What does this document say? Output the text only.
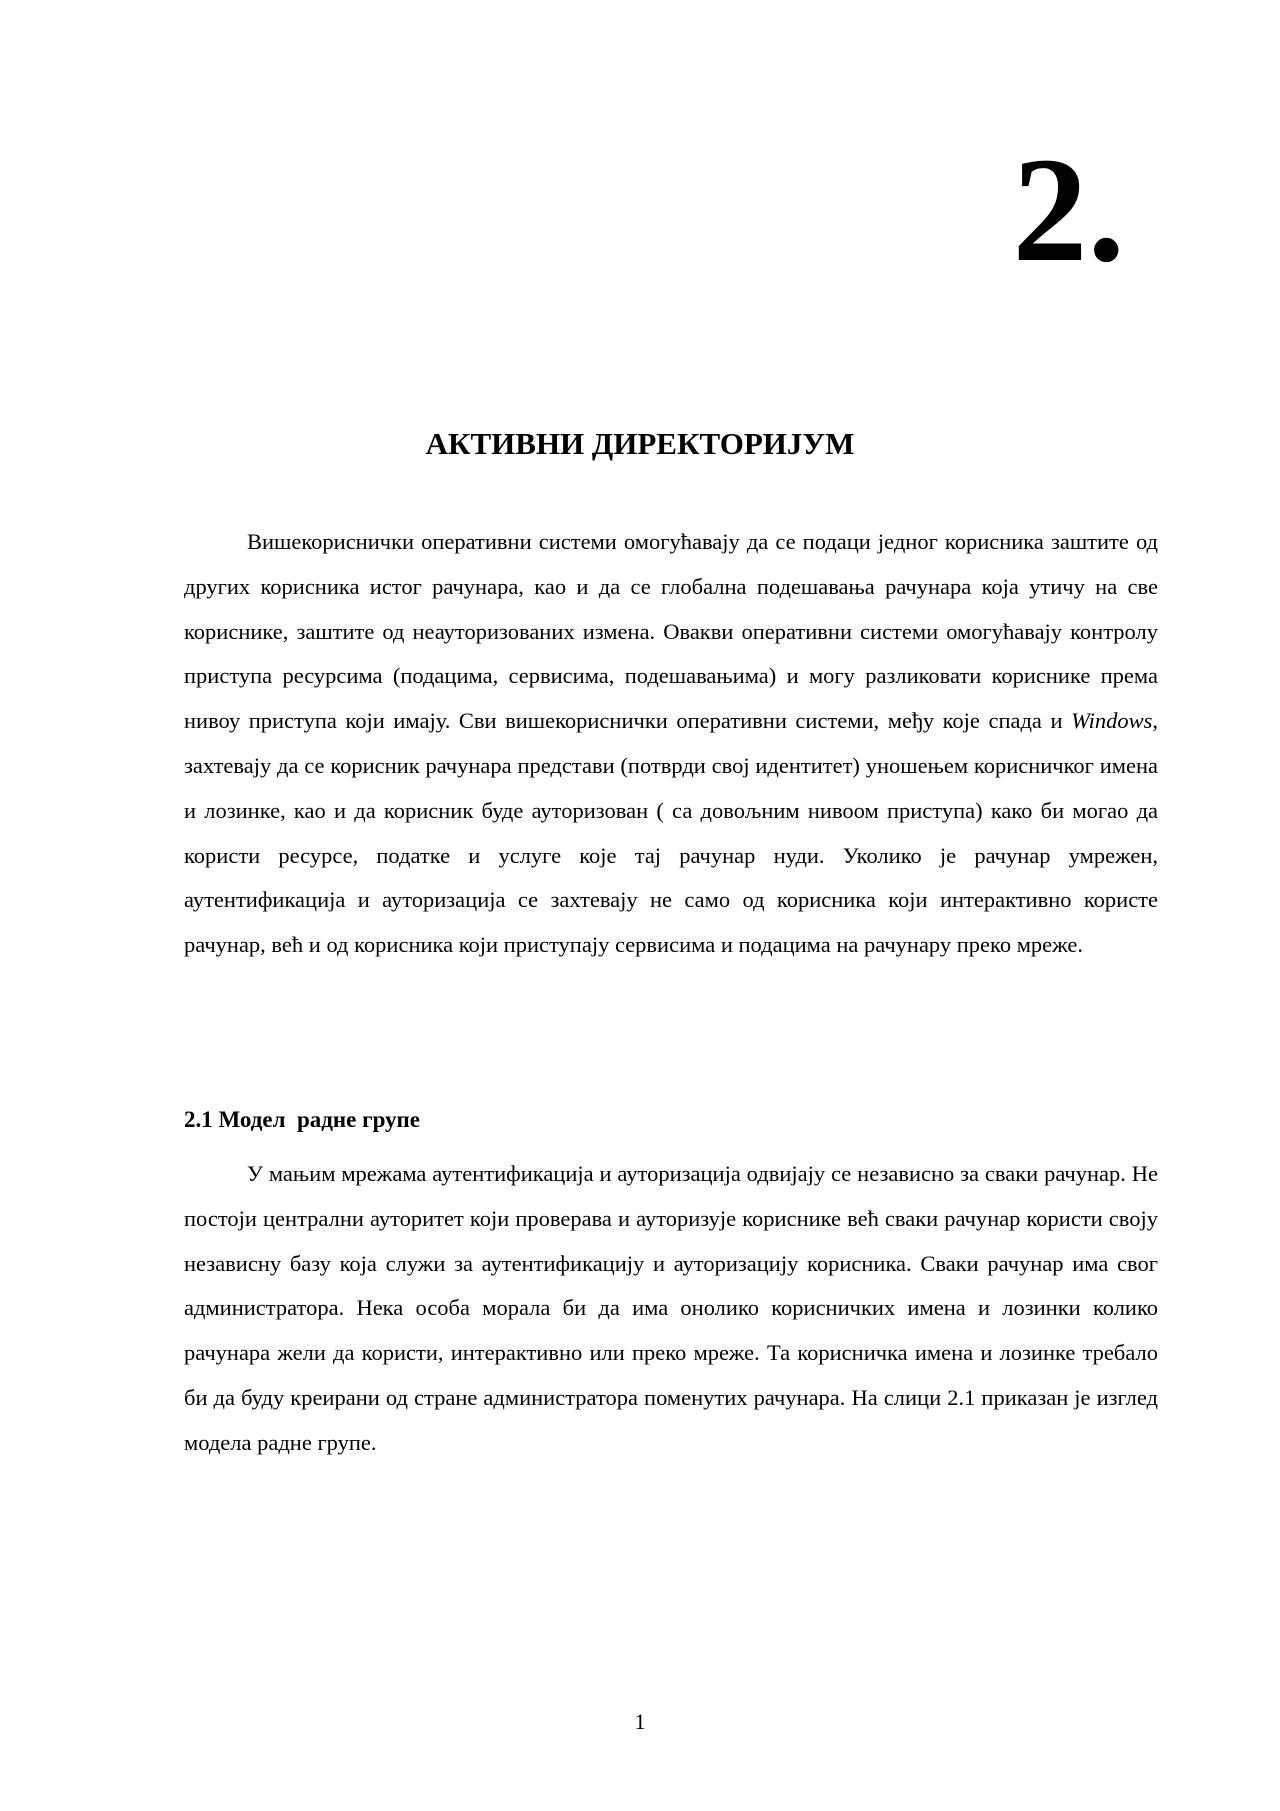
2.
АКТИВНИ ДИРЕКТОРИЈУМ

Вишекориснички оперативни системи омогућавају да се подаци једног корисника заштите од других корисника истог рачунара, као и да се глобална подешавања рачунара која утичу на све кориснике, заштите од неауторизованих измена. Овакви оперативни системи омогућавају контролу приступа ресурсима (подацима, сервисима, подешавањима) и могу разликовати кориснике према нивоу приступа који имају. Сви вишекориснички оперативни системи, међу које спада и Windows, захтевају да се корисник рачунара представи (потврди свој идентитет) уношењем корисничког имена и лозинке, као и да корисник буде ауторизован ( са довољним нивоом приступа) како би могао да користи ресурсе, податке и услуге које тај рачунар нуди. Уколико је рачунар умрежен, аутентификација и ауторизација се захтевају не само од корисника који интерактивно користе рачунар, већ и од корисника који приступају сервисима и подацима на рачунару преко мреже.

2.1 Модел  радне групе

У мањим мрежама аутентификација и ауторизација одвијају се независно за сваки рачунар. Не постоји централни ауторитет који проверава и ауторизује кориснике већ сваки рачунар користи своју независну базу која служи за аутентификацију и ауторизацију корисника. Сваки рачунар има свог администратора. Нека особа морала би да има онолико корисничких имена и лозинки колико рачунара жели да користи, интерактивно или преко мреже. Та корисничка имена и лозинке требало би да буду креирани од стране администратора поменутих рачунара. На слици 2.1 приказан је изглед модела радне групе.

1
